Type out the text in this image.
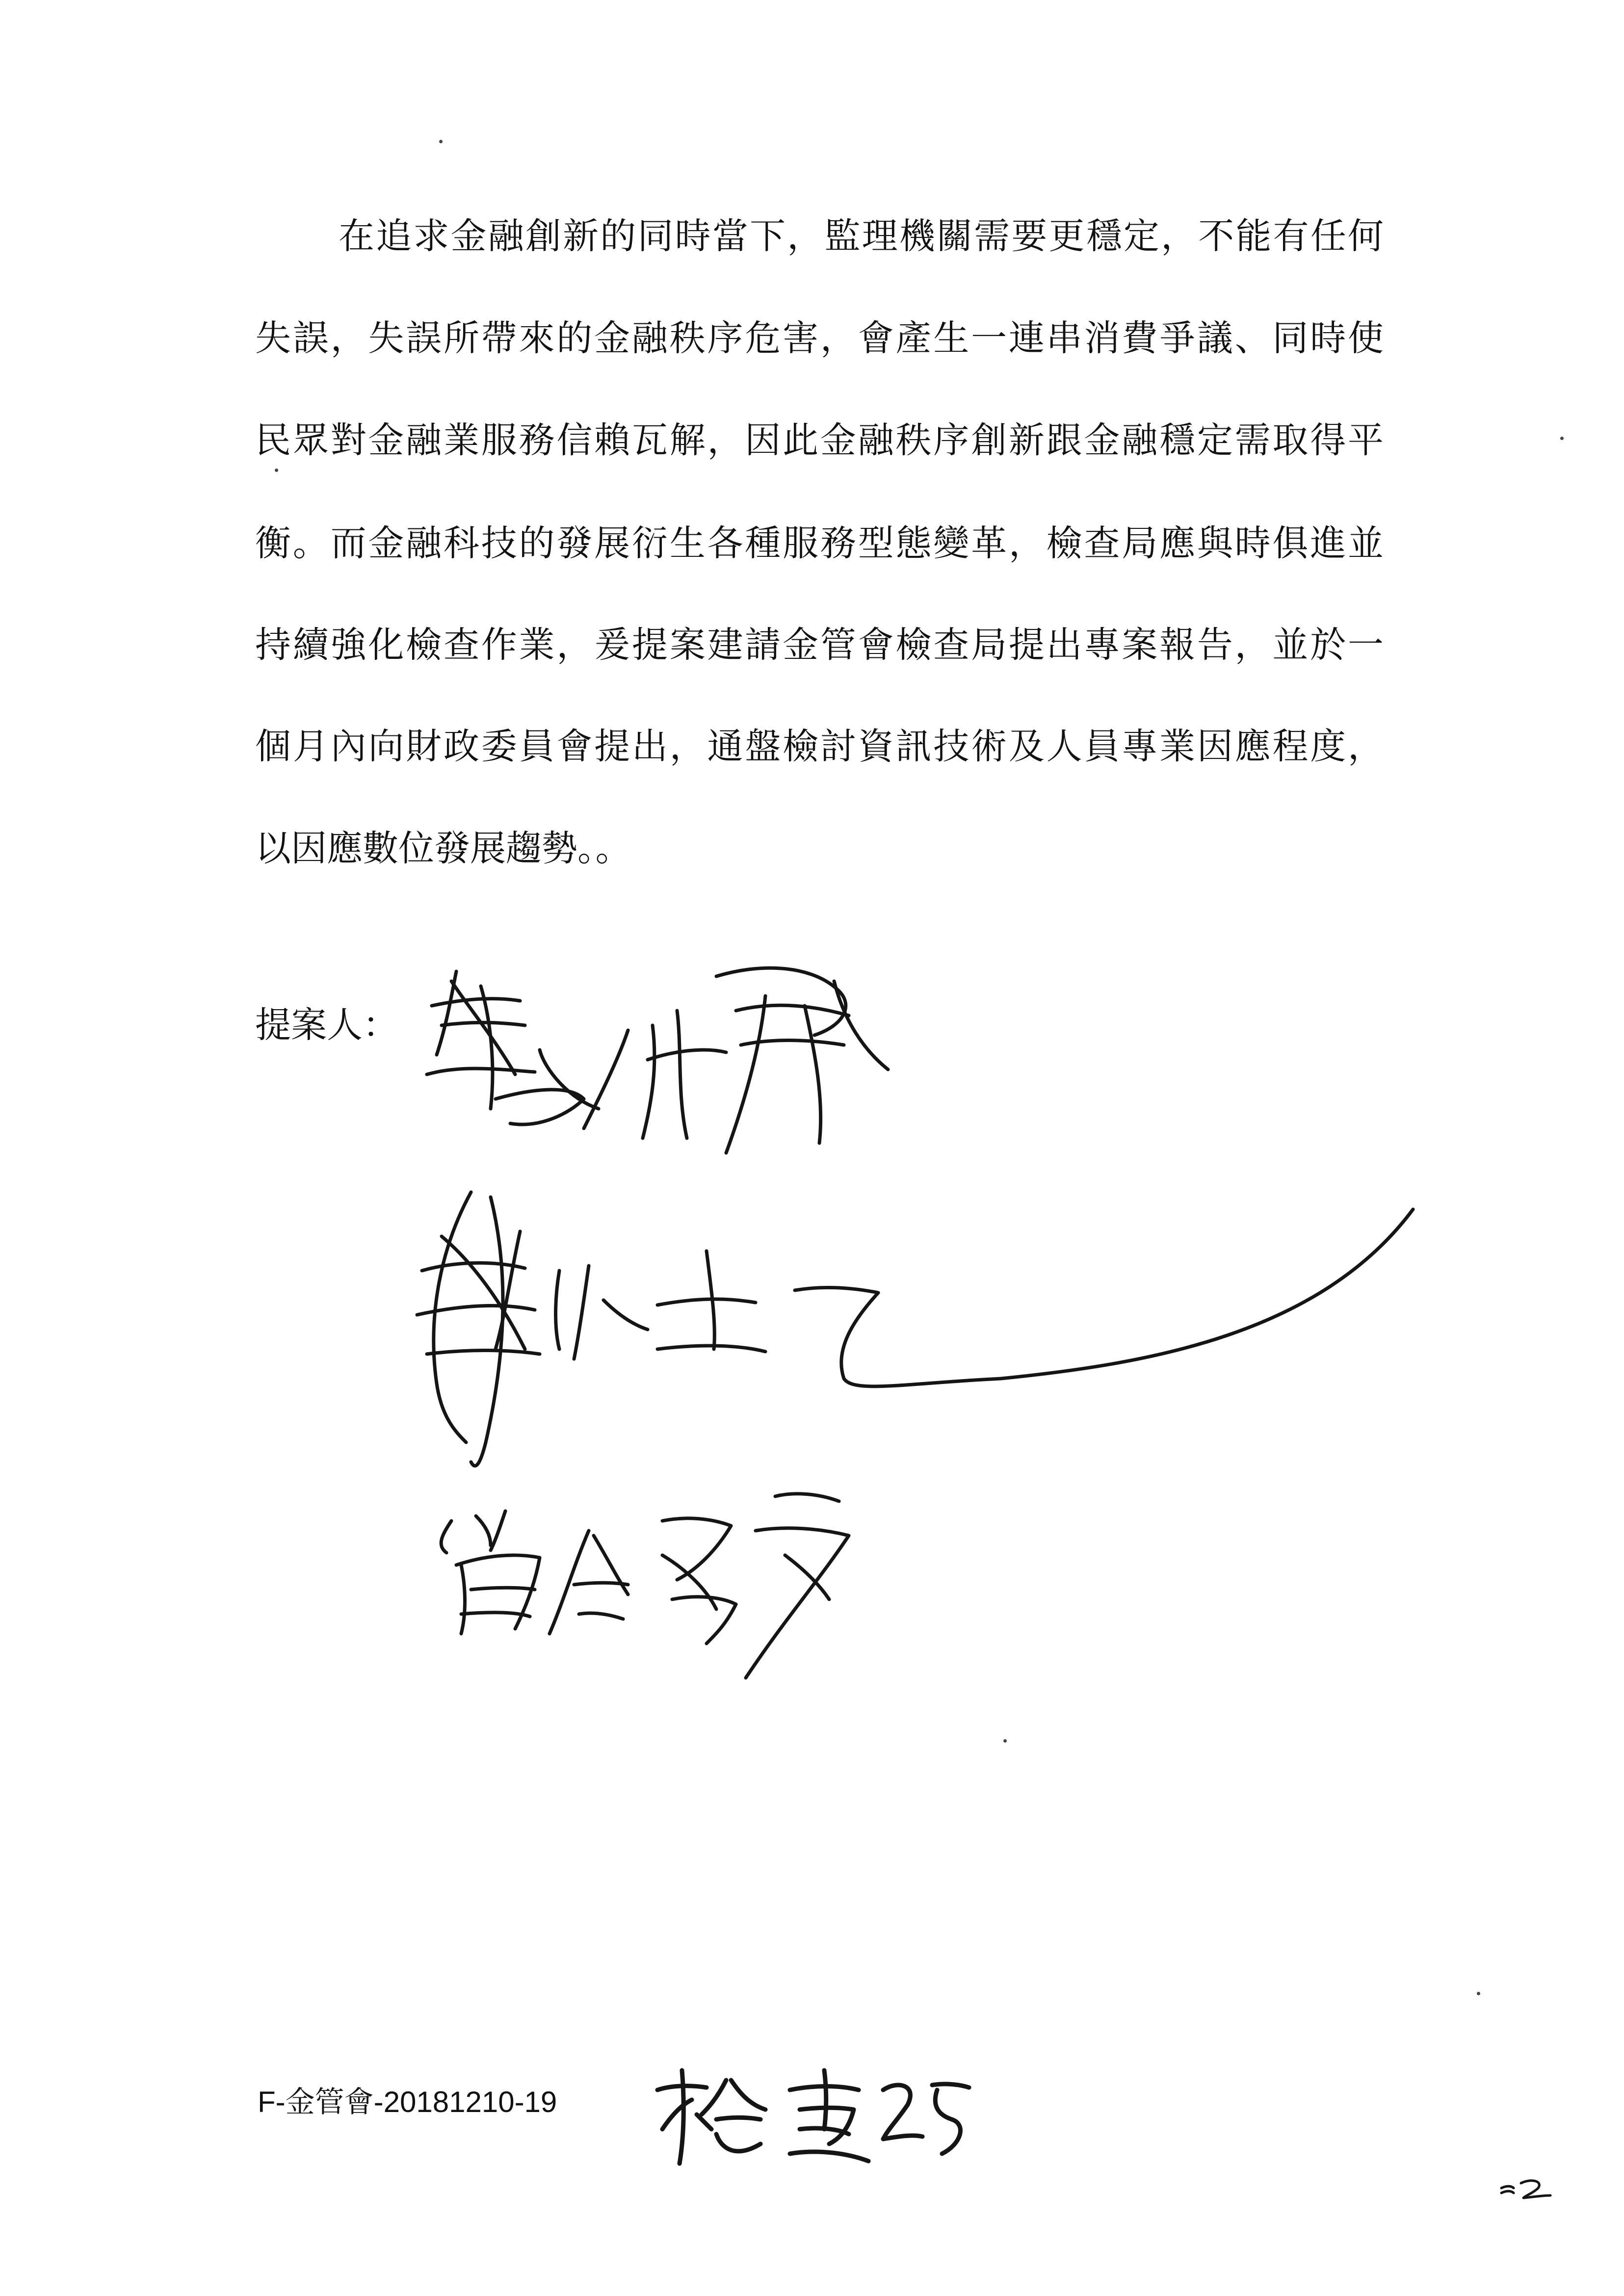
在追求金融創新的同時當下，監理機關需要更穩定，不能有任何

失誤，失誤所帶來的金融秩序危害，會產生一連串消費爭議、同時使

民眾對金融業服務信賴瓦解，因此金融秩序創新跟金融穩定需取得平

衡。而金融科技的發展衍生各種服務型態變革，檢查局應與時俱進並

持續強化檢查作業，爰提案建請金管會檢查局提出專案報告，並於一

個月內向財政委員會提出，通盤檢討資訊技術及人員專業因應程度，

以因應數位發展趨勢。。

提案人：
F-金管會-20181210-19
